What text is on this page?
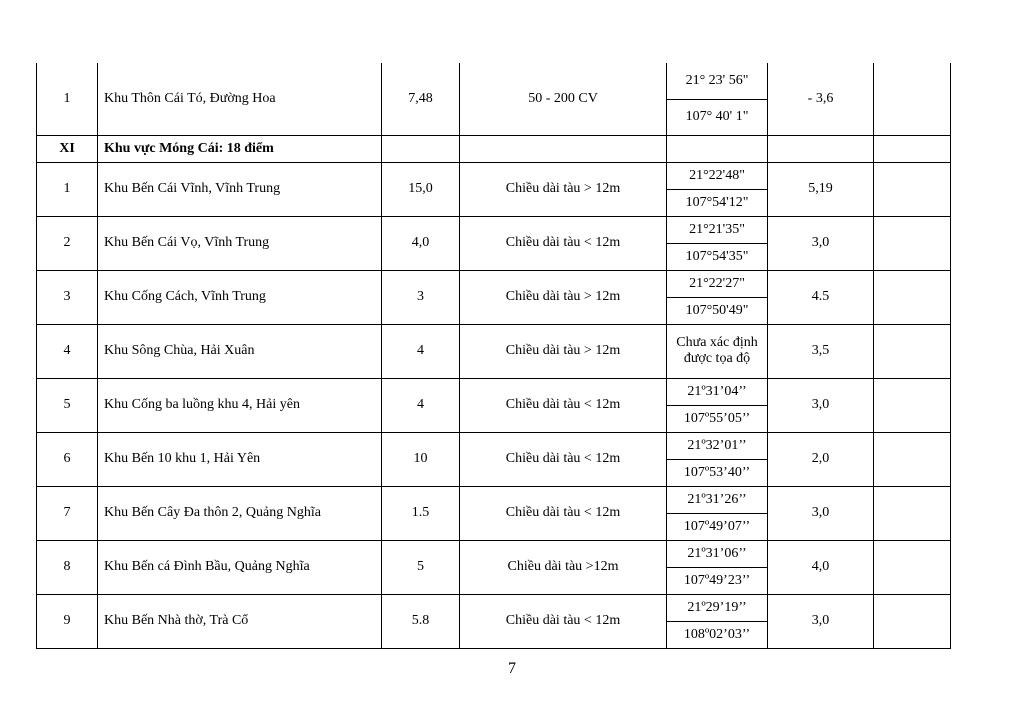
1	Khu Thôn Cái Tó, Đường Hoa	7,48	50 - 200 CV	21° 23' 56"	- 3,6	
				107° 40' 1"		
XI	Khu vực Móng Cái: 18 điểm					
1	Khu Bến Cái Vĩnh, Vĩnh Trung	15,0	Chiều dài tàu > 12m	21°22'48"	5,19	
				107°54'12"		
2	Khu Bến Cái Vọ, Vĩnh Trung	4,0	Chiều dài tàu < 12m	21°21'35"	3,0	
				107°54'35"		
3	Khu Cống Cách, Vĩnh Trung	3	Chiều dài tàu > 12m	21°22'27"	4.5	
				107°50'49"		
4	Khu Sông Chùa, Hải Xuân	4	Chiều dài tàu > 12m	Chưa xác định được tọa độ	3,5	
5	Khu Cống ba luồng khu 4, Hải yên	4	Chiều dài tàu < 12m	21º31’04’’	3,0	
				107º55’05’’		
6	Khu Bến 10 khu 1, Hải Yên	10	Chiều dài tàu < 12m	21º32’01’’	2,0	
				107º53’40’’		
7	Khu Bến Cây Đa thôn 2, Quảng Nghĩa	1.5	Chiều dài tàu < 12m	21º31’26’’	3,0	
				107º49’07’’		
8	Khu Bến cá Đình Bầu, Quảng Nghĩa	5	Chiều dài tàu >12m	21º31’06’’	4,0	
				107º49’23’’		
9	Khu Bến Nhà thờ, Trà Cổ	5.8	Chiều dài tàu < 12m	21º29’19’’	3,0	
				108º02’03’’		
7
